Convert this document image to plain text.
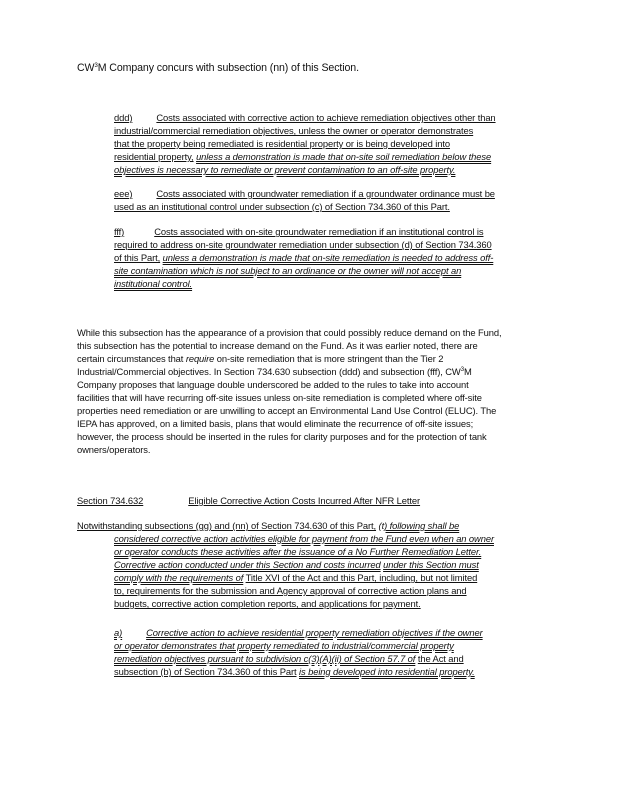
$CW^3M$ Company concurs with subsection (nn) of this Section.
ddd)	Costs associated with corrective action to achieve remediation objectives other than
industrial/commercial remediation objectives, unless the owner or operator demonstrates
that the property being remediated is residential property or is being developed into
residential property, unless a demonstration is made that on-site soil remediation below these
objectives is necessary to remediate or prevent contamination to an off-site property.
eee)	Costs associated with groundwater remediation if a groundwater ordinance must be
used as an institutional control under subsection (c) of Section 734.360 of this Part.
fff)	Costs associated with on-site groundwater remediation if an institutional control is
required to address on-site groundwater remediation under subsection (d) of Section 734.360
of this Part, unless a demonstration is made that on-site remediation is needed to address off-
site contamination which is not subject to an ordinance or the owner will not accept an
institutional control.
While this subsection has the appearance of a provision that could possibly reduce demand on the Fund,
this subsection has the potential to increase demand on the Fund. As it was earlier noted, there are
certain circumstances that require on-site remediation that is more stringent than the Tier 2
Industrial/Commercial objectives. In Section 734.630 subsection (ddd) and subsection (fff), $CW^3M$
Company proposes that language double underscored be added to the rules to take into account
facilities that will have recurring off-site issues unless on-site remediation is completed where off-site
properties need remediation or are unwilling to accept an Environmental Land Use Control (ELUC). The
IEPA has approved, on a limited basis, plans that would eliminate the recurrence of off-site issues;
however, the process should be inserted in the rules for clarity purposes and for the protection of tank
owners/operators.
Section 734.632	Eligible Corrective Action Costs Incurred After NFR Letter
Notwithstanding subsections (gg) and (nn) of Section 734.630 of this Part, (t) following shall be
considered corrective action activities eligible for payment from the Fund even when an owner
or operator conducts these activities after the issuance of a No Further Remediation Letter.
Corrective action conducted under this Section and costs incurred under this Section must
comply with the requirements of Title XVI of the Act and this Part, including, but not limited
to, requirements for the submission and Agency approval of corrective action plans and
budgets, corrective action completion reports, and applications for payment.
a)	Corrective action to achieve residential property remediation objectives if the owner
or operator demonstrates that property remediated to industrial/commercial property
remediation objectives pursuant to subdivision c(3)(A)(ii) of Section 57.7 of the Act and
subsection (b) of Section 734.360 of this Part is being developed into residential property.
